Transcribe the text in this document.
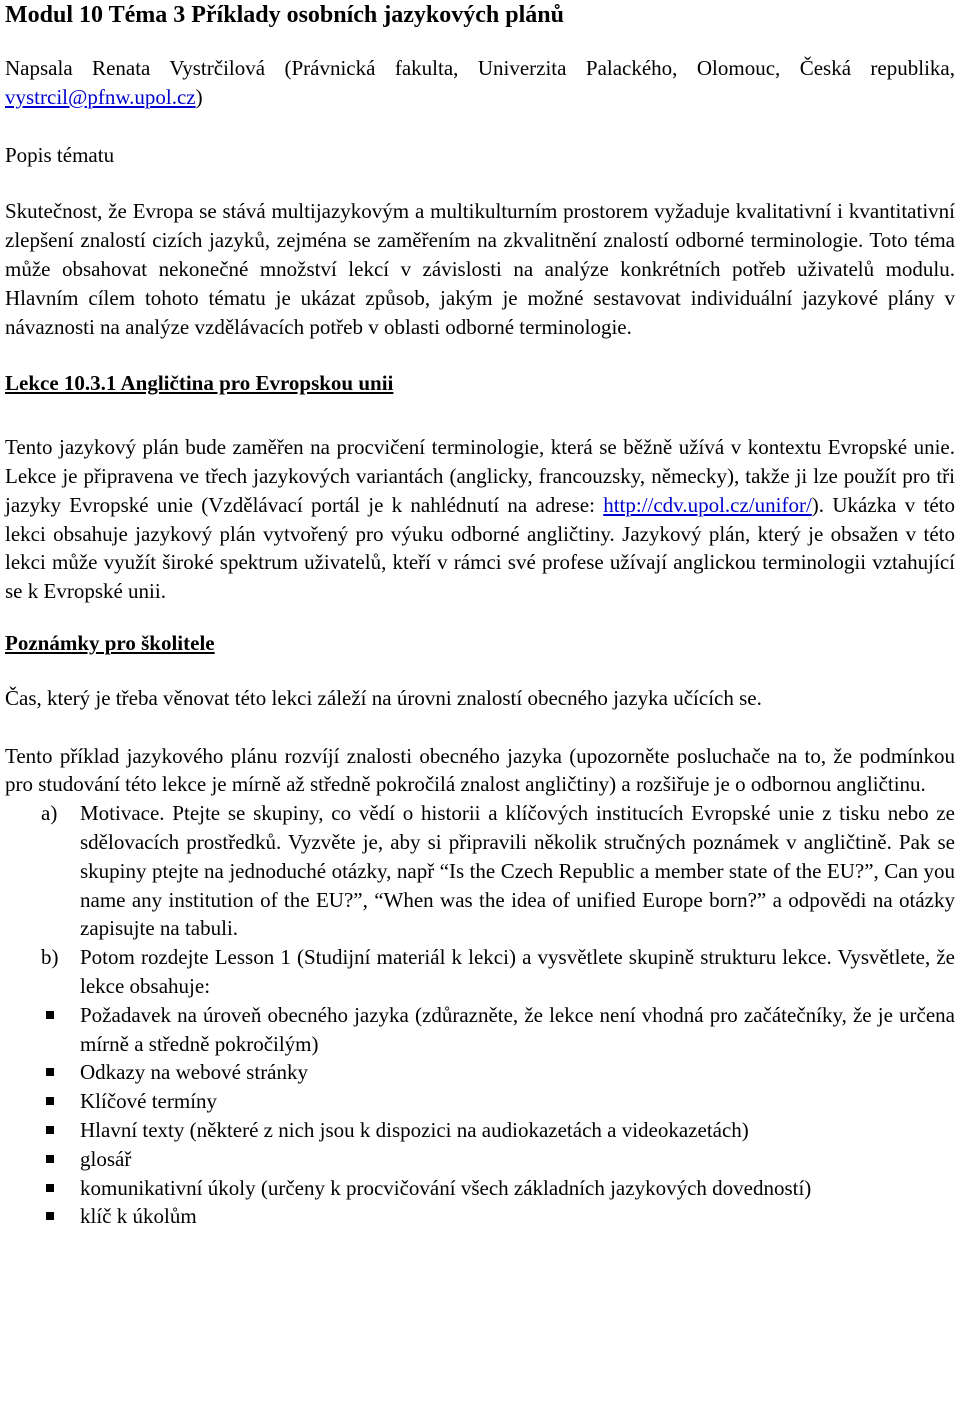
Modul 10 Téma 3 Příklady osobních jazykových plánů

Napsala Renata Vystrčilová (Právnická fakulta, Univerzita Palackého, Olomouc, Česká republika, vystrcil@pfnw.upol.cz)

Popis tématu

Skutečnost, že Evropa se stává multijazykovým a multikulturním prostorem vyžaduje kvalitativní i kvantitativní zlepšení znalostí cizích jazyků, zejména se zaměřením na zkvalitnění znalostí odborné terminologie. Toto téma může obsahovat nekonečné množství lekcí v závislosti na analýze konkrétních potřeb uživatelů modulu. Hlavním cílem tohoto tématu je ukázat způsob, jakým je možné sestavovat individuální jazykové plány v návaznosti na analýze vzdělávacích potřeb v oblasti odborné terminologie.

Lekce 10.3.1 Angličtina pro Evropskou unii

Tento jazykový plán bude zaměřen na procvičení terminologie, která se běžně užívá v kontextu Evropské unie. Lekce je připravena ve třech jazykových variantách (anglicky, francouzsky, německy), takže ji lze použít pro tři jazyky Evropské unie (Vzdělávací portál je k nahlédnutí na adrese: http://cdv.upol.cz/unifor/). Ukázka v této lekci obsahuje jazykový plán vytvořený pro výuku odborné angličtiny. Jazykový plán, který je obsažen v této lekci může využít široké spektrum uživatelů, kteří v rámci své profese užívají anglickou terminologii vztahující se k Evropské unii.

Poznámky pro školitele

Čas, který je třeba věnovat této lekci záleží na úrovni znalostí obecného jazyka učících se.

Tento příklad jazykového plánu rozvíjí znalosti obecného jazyka (upozorněte posluchače na to, že podmínkou pro studování této lekce je mírně až středně pokročilá znalost angličtiny) a rozšiřuje je o odbornou angličtinu.

a) Motivace. Ptejte se skupiny, co vědí o historii a klíčových institucích Evropské unie z tisku nebo ze sdělovacích prostředků. Vyzvěte je, aby si připravili několik stručných poznámek v angličtině. Pak se skupiny ptejte na jednoduché otázky, např “Is the Czech Republic a member state of the EU?”, Can you name any institution of the EU?”, “When was the idea of unified Europe born?” a odpovědi na otázky zapisujte na tabuli.
b) Potom rozdejte Lesson 1 (Studijní materiál k lekci) a vysvětlete skupině strukturu lekce. Vysvětlete, že lekce obsahuje:
Požadavek na úroveň obecného jazyka (zdůrazněte, že lekce není vhodná pro začátečníky, že je určena mírně a středně pokročilým)
Odkazy na webové stránky
Klíčové termíny
Hlavní texty (některé z nich jsou k dispozici na audiokazetách a videokazetách)
glosář
komunikativní úkoly (určeny k procvičování všech základních jazykových dovedností)
klíč k úkolům
